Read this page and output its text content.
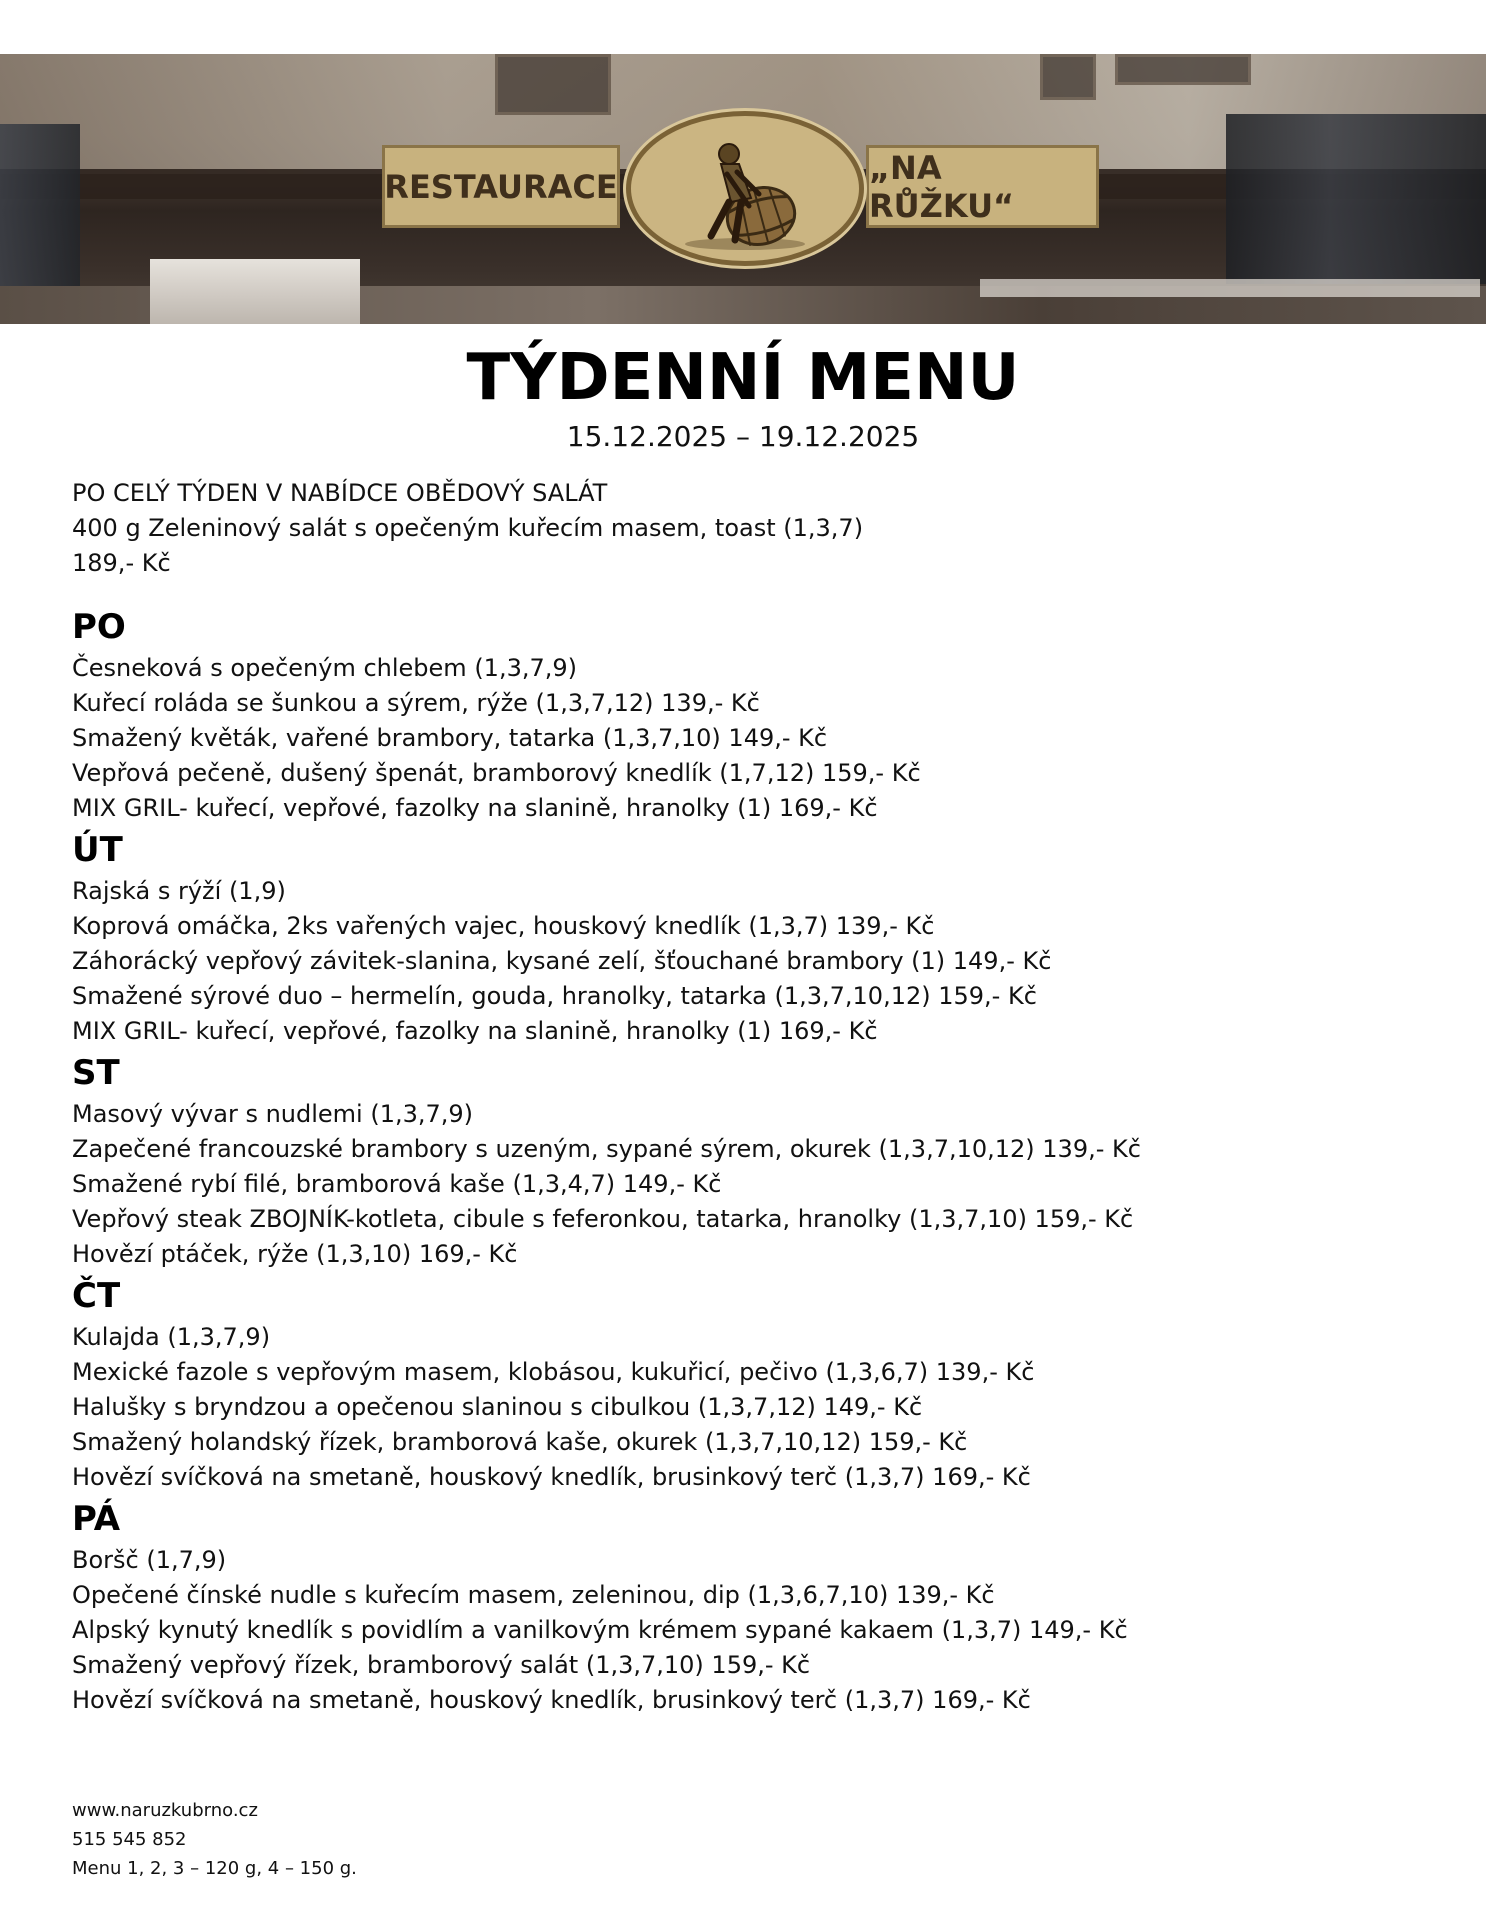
RESTAURACE	„NA RŮŽKU“
TÝDENNÍ MENU
15.12.2025 – 19.12.2025
PO CELÝ TÝDEN V NABÍDCE OBĚDOVÝ SALÁT
400 g Zeleninový salát s opečeným kuřecím masem, toast (1,3,7)
189,- Kč
PO
Česneková s opečeným chlebem (1,3,7,9)
Kuřecí roláda se šunkou a sýrem, rýže (1,3,7,12) 139,- Kč
Smažený květák, vařené brambory, tatarka (1,3,7,10) 149,- Kč
Vepřová pečeně, dušený špenát, bramborový knedlík (1,7,12) 159,- Kč
MIX GRIL- kuřecí, vepřové, fazolky na slanině, hranolky (1) 169,- Kč
ÚT
Rajská s rýží (1,9)
Koprová omáčka, 2ks vařených vajec, houskový knedlík (1,3,7) 139,- Kč
Záhorácký vepřový závitek-slanina, kysané zelí, šťouchané brambory (1) 149,- Kč
Smažené sýrové duo – hermelín, gouda, hranolky, tatarka (1,3,7,10,12) 159,- Kč
MIX GRIL- kuřecí, vepřové, fazolky na slanině, hranolky (1) 169,- Kč
ST
Masový vývar s nudlemi (1,3,7,9)
Zapečené francouzské brambory s uzeným, sypané sýrem, okurek (1,3,7,10,12) 139,- Kč
Smažené rybí filé, bramborová kaše (1,3,4,7) 149,- Kč
Vepřový steak ZBOJNÍK-kotleta, cibule s feferonkou, tatarka, hranolky (1,3,7,10) 159,- Kč
Hovězí ptáček, rýže (1,3,10) 169,- Kč
ČT
Kulajda (1,3,7,9)
Mexické fazole s vepřovým masem, klobásou, kukuřicí, pečivo (1,3,6,7) 139,- Kč
Halušky s bryndzou a opečenou slaninou s cibulkou (1,3,7,12) 149,- Kč
Smažený holandský řízek, bramborová kaše, okurek (1,3,7,10,12) 159,- Kč
Hovězí svíčková na smetaně, houskový knedlík, brusinkový terč (1,3,7) 169,- Kč
PÁ
Boršč (1,7,9)
Opečené čínské nudle s kuřecím masem, zeleninou, dip (1,3,6,7,10) 139,- Kč
Alpský kynutý knedlík s povidlím a vanilkovým krémem sypané kakaem (1,3,7) 149,- Kč
Smažený vepřový řízek, bramborový salát (1,3,7,10) 159,- Kč
Hovězí svíčková na smetaně, houskový knedlík, brusinkový terč (1,3,7) 169,- Kč
www.naruzkubrno.cz
515 545 852
Menu 1, 2, 3 – 120 g, 4 – 150 g.
